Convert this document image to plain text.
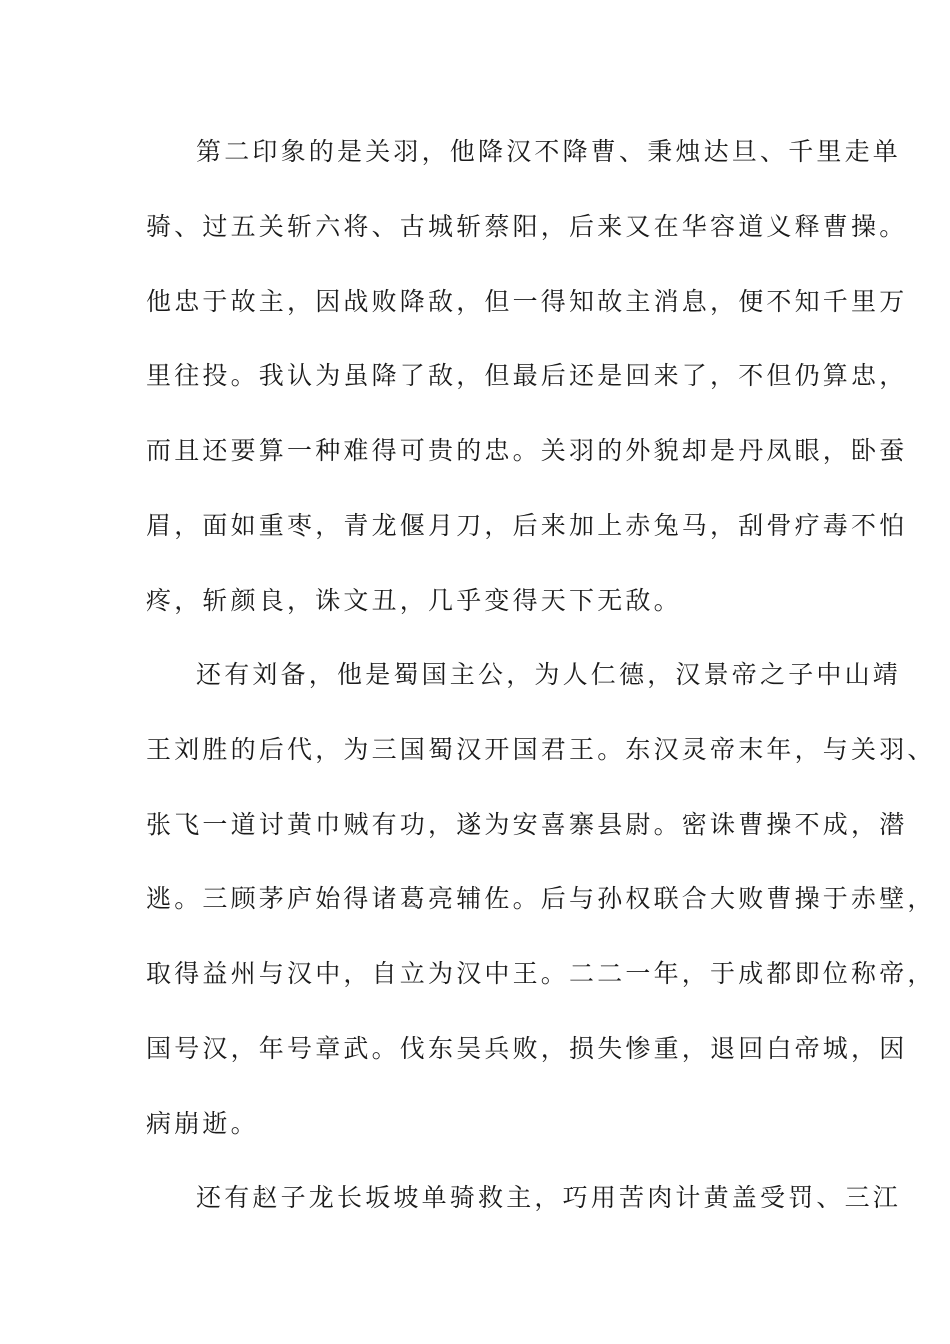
第二印象的是关羽，他降汉不降曹、秉烛达旦、千里走单
骑、过五关斩六将、古城斩蔡阳，后来又在华容道义释曹操。
他忠于故主，因战败降敌，但一得知故主消息，便不知千里万
里往投。我认为虽降了敌，但最后还是回来了，不但仍算忠，
而且还要算一种难得可贵的忠。关羽的外貌却是丹凤眼，卧蚕
眉，面如重枣，青龙偃月刀，后来加上赤兔马，刮骨疗毒不怕
疼，斩颜良，诛文丑，几乎变得天下无敌。
还有刘备，他是蜀国主公，为人仁德，汉景帝之子中山靖
王刘胜的后代，为三国蜀汉开国君王。东汉灵帝末年，与关羽、
张飞一道讨黄巾贼有功，遂为安喜寨县尉。密诛曹操不成，潜
逃。三顾茅庐始得诸葛亮辅佐。后与孙权联合大败曹操于赤壁，
取得益州与汉中，自立为汉中王。二二一年，于成都即位称帝，
国号汉，年号章武。伐东吴兵败，损失惨重，退回白帝城，因
病崩逝。
还有赵子龙长坂坡单骑救主，巧用苦肉计黄盖受罚、三江
